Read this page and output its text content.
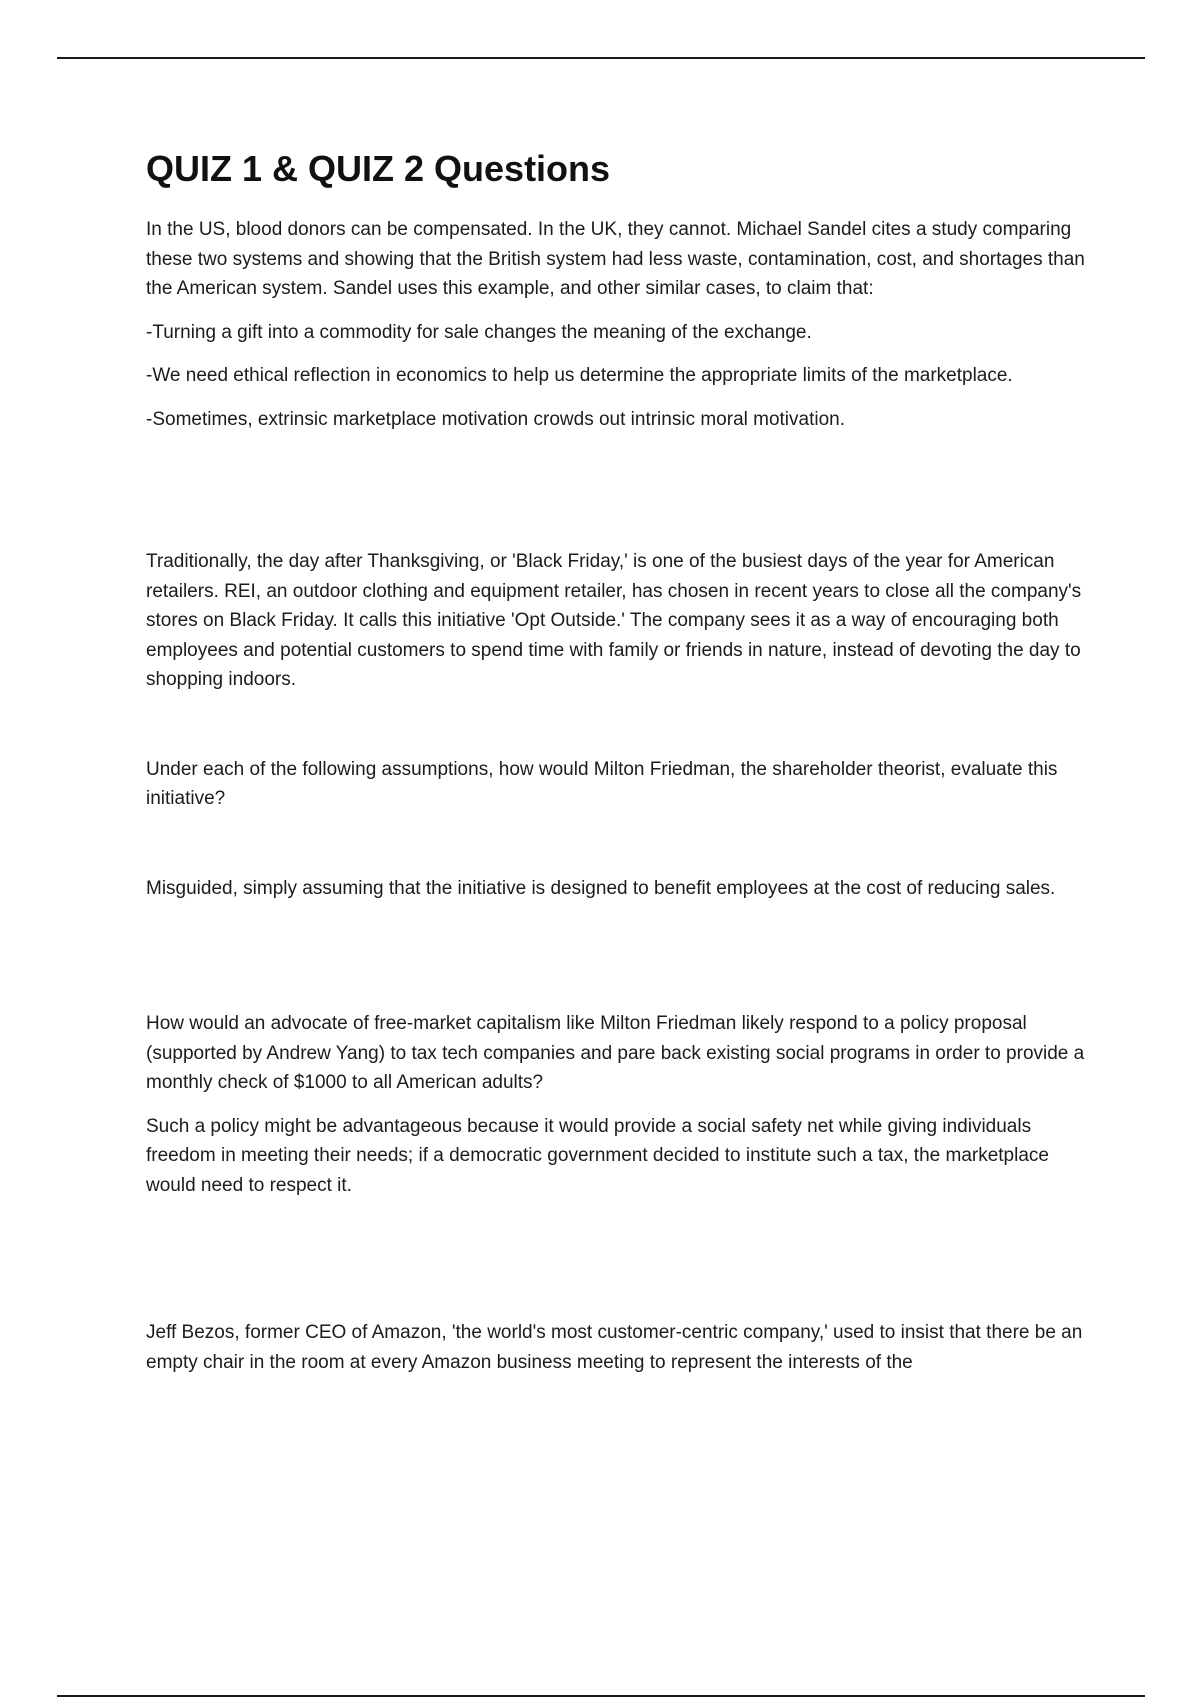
QUIZ 1 & QUIZ 2 Questions

In the US, blood donors can be compensated. In the UK, they cannot. Michael Sandel cites a study comparing these two systems and showing that the British system had less waste, contamination, cost, and shortages than the American system. Sandel uses this example, and other similar cases, to claim that:

-Turning a gift into a commodity for sale changes the meaning of the exchange.

-We need ethical reflection in economics to help us determine the appropriate limits of the marketplace.

-Sometimes, extrinsic marketplace motivation crowds out intrinsic moral motivation.

Traditionally, the day after Thanksgiving, or 'Black Friday,' is one of the busiest days of the year for American retailers. REI, an outdoor clothing and equipment retailer, has chosen in recent years to close all the company's stores on Black Friday. It calls this initiative 'Opt Outside.' The company sees it as a way of encouraging both employees and potential customers to spend time with family or friends in nature, instead of devoting the day to shopping indoors.

Under each of the following assumptions, how would Milton Friedman, the shareholder theorist, evaluate this initiative?

Misguided, simply assuming that the initiative is designed to benefit employees at the cost of reducing sales.

How would an advocate of free-market capitalism like Milton Friedman likely respond to a policy proposal (supported by Andrew Yang) to tax tech companies and pare back existing social programs in order to provide a monthly check of $1000 to all American adults?

Such a policy might be advantageous because it would provide a social safety net while giving individuals freedom in meeting their needs; if a democratic government decided to institute such a tax, the marketplace would need to respect it.

Jeff Bezos, former CEO of Amazon, 'the world's most customer-centric company,' used to insist that there be an empty chair in the room at every Amazon business meeting to represent the interests of the
